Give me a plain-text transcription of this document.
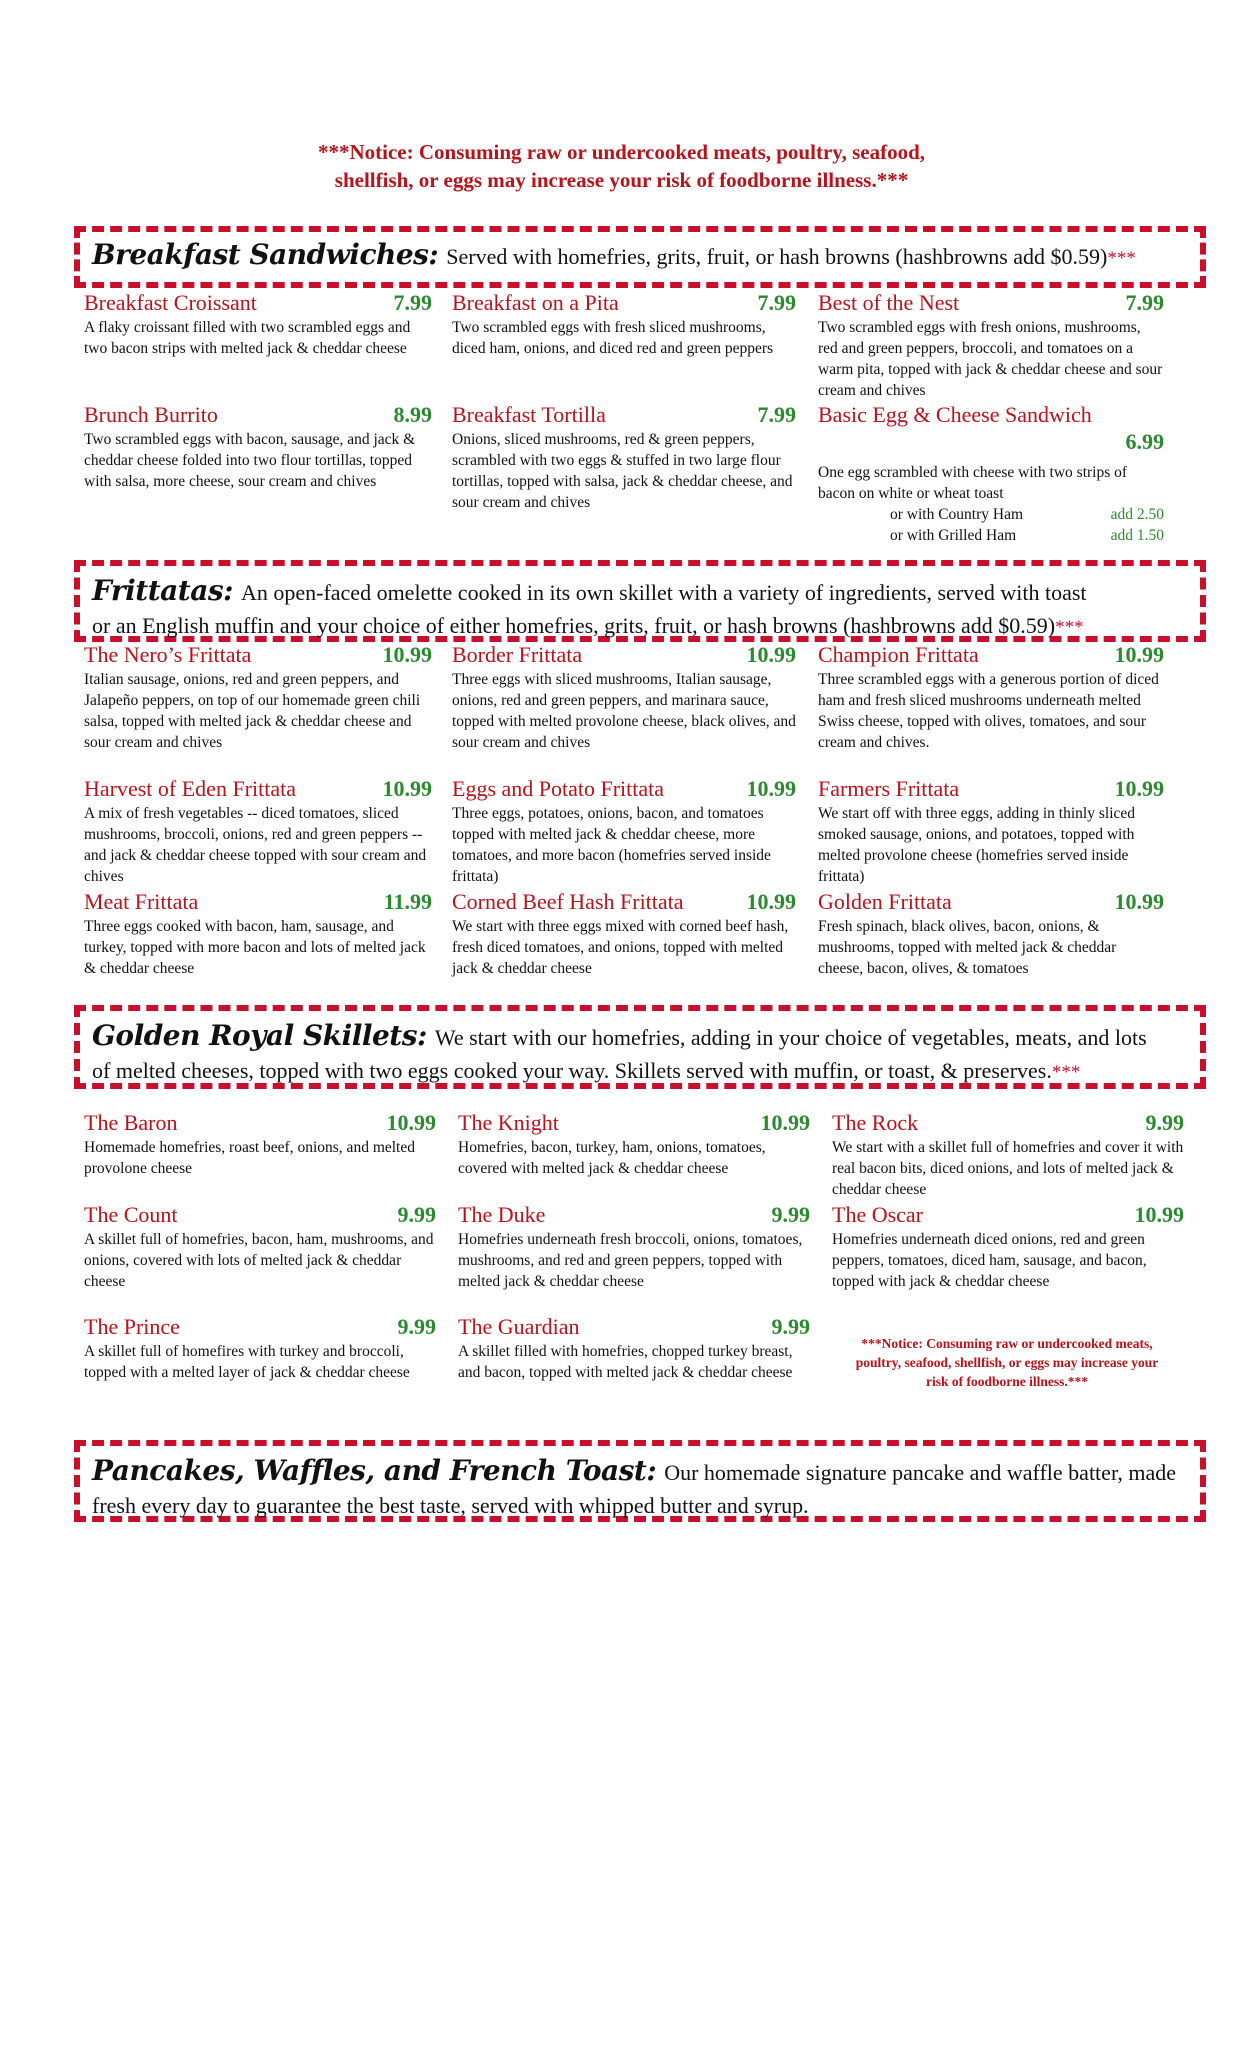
***Notice: Consuming raw or undercooked meats, poultry, seafood,
shellfish, or eggs may increase your risk of foodborne illness.***
Breakfast Sandwiches: Served with homefries, grits, fruit, or hash browns (hashbrowns add $0.59)***
Breakfast Croissant	7.99
A flaky croissant filled with two scrambled eggs and two bacon strips with melted jack & cheddar cheese
Breakfast on a Pita	7.99
Two scrambled eggs with fresh sliced mushrooms, diced ham, onions, and diced red and green peppers
Best of the Nest	7.99
Two scrambled eggs with fresh onions, mushrooms, red and green peppers, broccoli, and tomatoes on a warm pita, topped with jack & cheddar cheese and sour cream and chives
Brunch Burrito	8.99
Two scrambled eggs with bacon, sausage, and jack & cheddar cheese folded into two flour tortillas, topped with salsa, more cheese, sour cream and chives
Breakfast Tortilla	7.99
Onions, sliced mushrooms, red & green peppers, scrambled with two eggs & stuffed in two large flour tortillas, topped with salsa, jack & cheddar cheese, and sour cream and chives
Basic Egg & Cheese Sandwich
6.99
One egg scrambled with cheese with two strips of bacon on white or wheat toast
or with Country Ham	add 2.50
or with Grilled Ham	add 1.50
Frittatas: An open-faced omelette cooked in its own skillet with a variety of ingredients, served with toast
or an English muffin and your choice of either homefries, grits, fruit, or hash browns (hashbrowns add $0.59)***
The Nero’s Frittata	10.99
Italian sausage, onions, red and green peppers, and Jalapeño peppers, on top of our homemade green chili salsa, topped with melted jack & cheddar cheese and sour cream and chives
Border Frittata	10.99
Three eggs with sliced mushrooms, Italian sausage, onions, red and green peppers, and marinara sauce, topped with melted provolone cheese, black olives, and sour cream and chives
Champion Frittata	10.99
Three scrambled eggs with a generous portion of diced ham and fresh sliced mushrooms underneath melted Swiss cheese, topped with olives, tomatoes, and sour cream and chives.
Harvest of Eden Frittata	10.99
A mix of fresh vegetables -- diced tomatoes, sliced mushrooms, broccoli, onions, red and green peppers -- and jack & cheddar cheese topped with sour cream and chives
Eggs and Potato Frittata	10.99
Three eggs, potatoes, onions, bacon, and tomatoes topped with melted jack & cheddar cheese, more tomatoes, and more bacon (homefries served inside frittata)
Farmers Frittata	10.99
We start off with three eggs, adding in thinly sliced smoked sausage, onions, and potatoes, topped with melted provolone cheese (homefries served inside frittata)
Meat Frittata	11.99
Three eggs cooked with bacon, ham, sausage, and turkey, topped with more bacon and lots of melted jack & cheddar cheese
Corned Beef Hash Frittata	10.99
We start with three eggs mixed with corned beef hash, fresh diced tomatoes, and onions, topped with melted jack & cheddar cheese
Golden Frittata	10.99
Fresh spinach, black olives, bacon, onions, & mushrooms, topped with melted jack & cheddar cheese, bacon, olives, & tomatoes
Golden Royal Skillets: We start with our homefries, adding in your choice of vegetables, meats, and lots
of melted cheeses, topped with two eggs cooked your way. Skillets served with muffin, or toast, & preserves.***
The Baron	10.99
Homemade homefries, roast beef, onions, and melted provolone cheese
The Knight	10.99
Homefries, bacon, turkey, ham, onions, tomatoes, covered with melted jack & cheddar cheese
The Rock	9.99
We start with a skillet full of homefries and cover it with real bacon bits, diced onions, and lots of melted jack & cheddar cheese
The Count	9.99
A skillet full of homefries, bacon, ham, mushrooms, and onions, covered with lots of melted jack & cheddar cheese
The Duke	9.99
Homefries underneath fresh broccoli, onions, tomatoes, mushrooms, and red and green peppers, topped with melted jack & cheddar cheese
The Oscar	10.99
Homefries underneath diced onions, red and green peppers, tomatoes, diced ham, sausage, and bacon, topped with jack & cheddar cheese
The Prince	9.99
A skillet full of homefires with turkey and broccoli, topped with a melted layer of jack & cheddar cheese
The Guardian	9.99
A skillet filled with homefries, chopped turkey breast, and bacon, topped with melted jack & cheddar cheese
***Notice: Consuming raw or undercooked meats, poultry, seafood, shellfish, or eggs may increase your risk of foodborne illness.***
Pancakes, Waffles, and French Toast: Our homemade signature pancake and waffle batter, made
fresh every day to guarantee the best taste, served with whipped butter and syrup.
